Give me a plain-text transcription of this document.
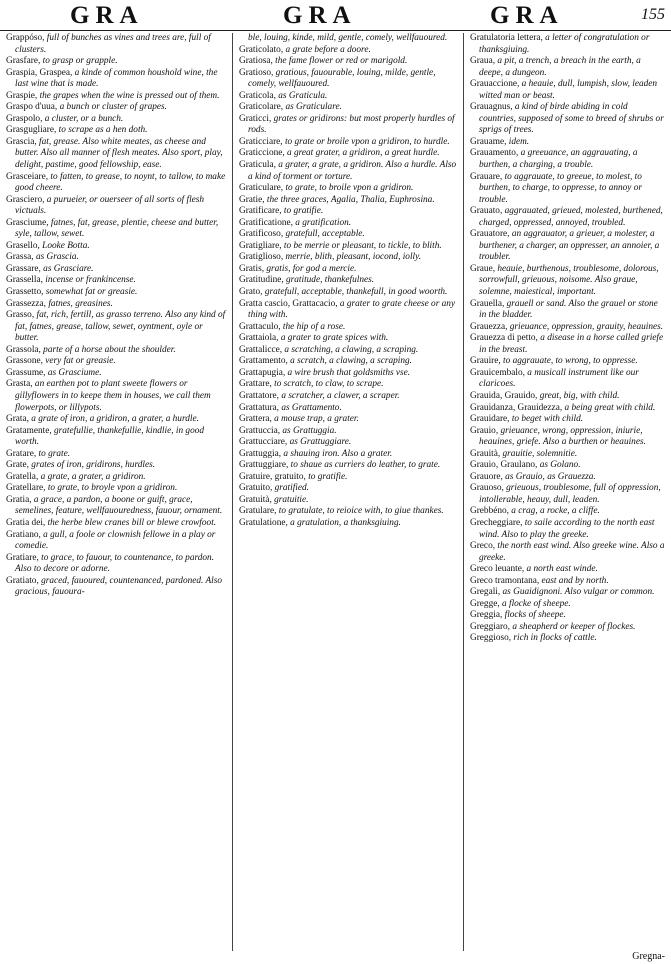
GRA	GRA	GRA	155

Grappóso, full of bunches as vines and trees are, full of clusters.

Grasfare, to grasp or grapple.

Graspia, Graspea, a kinde of common houshold wine, the last wine that is made.

Graspie, the grapes when the wine is pressed out of them.

Graspo d'uua, a bunch or cluster of grapes.

Graspolo, a cluster, or a bunch.

Grasgugliare, to scrape as a hen doth.

Grascia, fat, grease. Also white meates, as cheese and butter. Also all manner of flesh meates. Also sport, play, delight, pastime, good fellowship, ease.

Grasceiare, to fatten, to grease, to noynt, to tallow, to make good cheere.

Grasciero, a purueier, or ouerseer of all sorts of flesh victuals.

Grasciume, fatnes, fat, grease, plentie, cheese and butter, syle, tallow, sewet.

Grasello, Looke Botta.

Grassa, as Grascia.

Grassare, as Grasciare.

Grassella, incense or frankincense.

Grassetto, somewhat fat or greasie.

Grassezza, fatnes, greasines.

Grasso, fat, rich, fertill, as grasso terreno. Also any kind of fat, fatnes, grease, tallow, sewet, oyntment, oyle or butter.

Grassola, parte of a horse about the shoulder.

Grassone, very fat or greasie.

Grassume, as Grasciume.

Grasta, an earthen pot to plant sweete flowers or gillyflowers in to keepe them in houses, we call them flowerpots, or lillypots.

Grata, a grate of iron, a gridiron, a grater, a hurdle.

Gratamente, gratefullie, thankefullie, kindlie, in good worth.

Gratare, to grate.

Grate, grates of iron, gridirons, hurdles.

Gratella, a grate, a grater, a gridiron.

Gratellare, to grate, to broyle vpon a gridiron.

Gratia, a grace, a pardon, a boone or guift, grace, semelines, feature, wellfauouredness, fauour, ornament.

Gratia dei, the herbe blew cranes bill or blewe crowfoot.

Gratiano, a gull, a foole or clownish fellowe in a play or comedie.

Gratiare, to grace, to fauour, to countenance, to pardon. Also to decore or adorne.

Gratiato, graced, fauoured, countenanced, pardoned. Also gracious, fauoura-

ble, louing, kinde, mild, gentle, comely, wellfauoured.

Graticolato, a grate before a doore.

Gratiosa, the fame flower or red or marigold.

Gratioso, gratious, fauourable, louing, milde, gentle, comely, wellfauoured.

Graticola, as Graticula.

Graticolare, as Graticulare.

Graticci, grates or gridirons: but most properly hurdles of rods.

Graticciare, to grate or broile vpon a gridiron, to hurdle.

Graticcione, a great grater, a gridiron, a great hurdle.

Graticula, a grater, a grate, a gridiron. Also a hurdle. Also a kind of torment or torture.

Graticulare, to grate, to broile vpon a gridiron.

Gratie, the three graces, Agalia, Thalia, Euphrosina.

Gratificare, to gratifie.

Gratificatione, a gratification.

Gratificoso, gratefull, acceptable.

Gratigliare, to be merrie or pleasant, to tickle, to blith.

Gratiglioso, merrie, blith, pleasant, iocond, iolly.

Gratis, gratis, for god a mercie.

Gratitudine, gratitude, thankefulnes.

Grato, gratefull, acceptable, thankefull, in good woorth.

Gratta cascio, Grattacacio, a grater to grate cheese or any thing with.

Grattaculo, the hip of a rose.

Grattaiola, a grater to grate spices with.

Grattalicce, a scratching, a clawing, a scraping.

Grattamento, a scratch, a clawing, a scraping.

Grattapugia, a wire brush that goldsmiths vse.

Grattare, to scratch, to claw, to scrape.

Grattatore, a scratcher, a clawer, a scraper.

Grattatura, as Grattamento.

Grattera, a mouse trap, a grater.

Grattuccia, as Grattuggia.

Grattucciare, as Grattuggiare.

Grattuggia, a shauing iron. Also a grater.

Grattuggiare, to shaue as curriers do leather, to grate.

Gratuire, gratuito, to gratifie.

Gratuito, gratified.

Gratuità, gratuitie.

Gratulare, to gratulate, to reioice with, to giue thankes.

Gratulatione, a gratulation, a thanksgiuing.

Gratulatoria lettera, a letter of congratulation or thanksgiuing.

Graua, a pit, a trench, a breach in the earth, a deepe, a dungeon.

Grauaccione, a heauie, dull, lumpish, slow, leaden witted man or beast.

Grauagnus, a kind of birde abiding in cold countries, supposed of some to breed of shrubs or sprigs of trees.

Grauame, idem.

Grauamento, a greeuance, an aggrauating, a burthen, a charging, a trouble.

Grauare, to aggrauate, to greeue, to molest, to burthen, to charge, to oppresse, to annoy or trouble.

Grauato, aggrauated, grieued, molested, burthened, charged, oppressed, annoyed, troubled.

Grauatore, an aggrauator, a grieuer, a molester, a burthener, a charger, an oppresser, an annoier, a troubler.

Graue, heauie, burthenous, troublesome, dolorous, sorrowfull, grieuous, noisome. Also graue, solemne, maiestical, important.

Grauella, grauell or sand. Also the grauel or stone in the bladder.

Grauezza, grieuance, oppression, grauity, heauines.

Grauezza di petto, a disease in a horse called griefe in the breast.

Grauire, to aggrauate, to wrong, to oppresse.

Grauicembalo, a musicall instrument like our claricoes.

Grauida, Grauido, great, big, with child.

Grauidanza, Grauidezza, a being great with child.

Grauidare, to beget with child.

Grauio, grieuance, wrong, oppression, iniurie, heauines, griefe. Also a burthen or heauines.

Grauità, grauitie, solemnitie.

Grauio, Graulano, as Golano.

Grauore, as Grauio, as Grauezza.

Grauoso, grieuous, troublesome, full of oppression, intollerable, heauy, dull, leaden.

Grebbéno, a crag, a rocke, a cliffe.

Grecheggiare, to saile according to the north east wind. Also to play the greeke.

Greco, the north east wind. Also greeke wine. Also a greeke.

Greco leuante, a north east winde.

Greco tramontana, east and by north.

Gregali, as Guaidignoni. Also vulgar or common.

Gregge, a flocke of sheepe.

Greggia, flocks of sheepe.

Greggiaro, a sheapherd or keeper of flockes.

Greggioso, rich in flocks of cattle.

Gregna-
